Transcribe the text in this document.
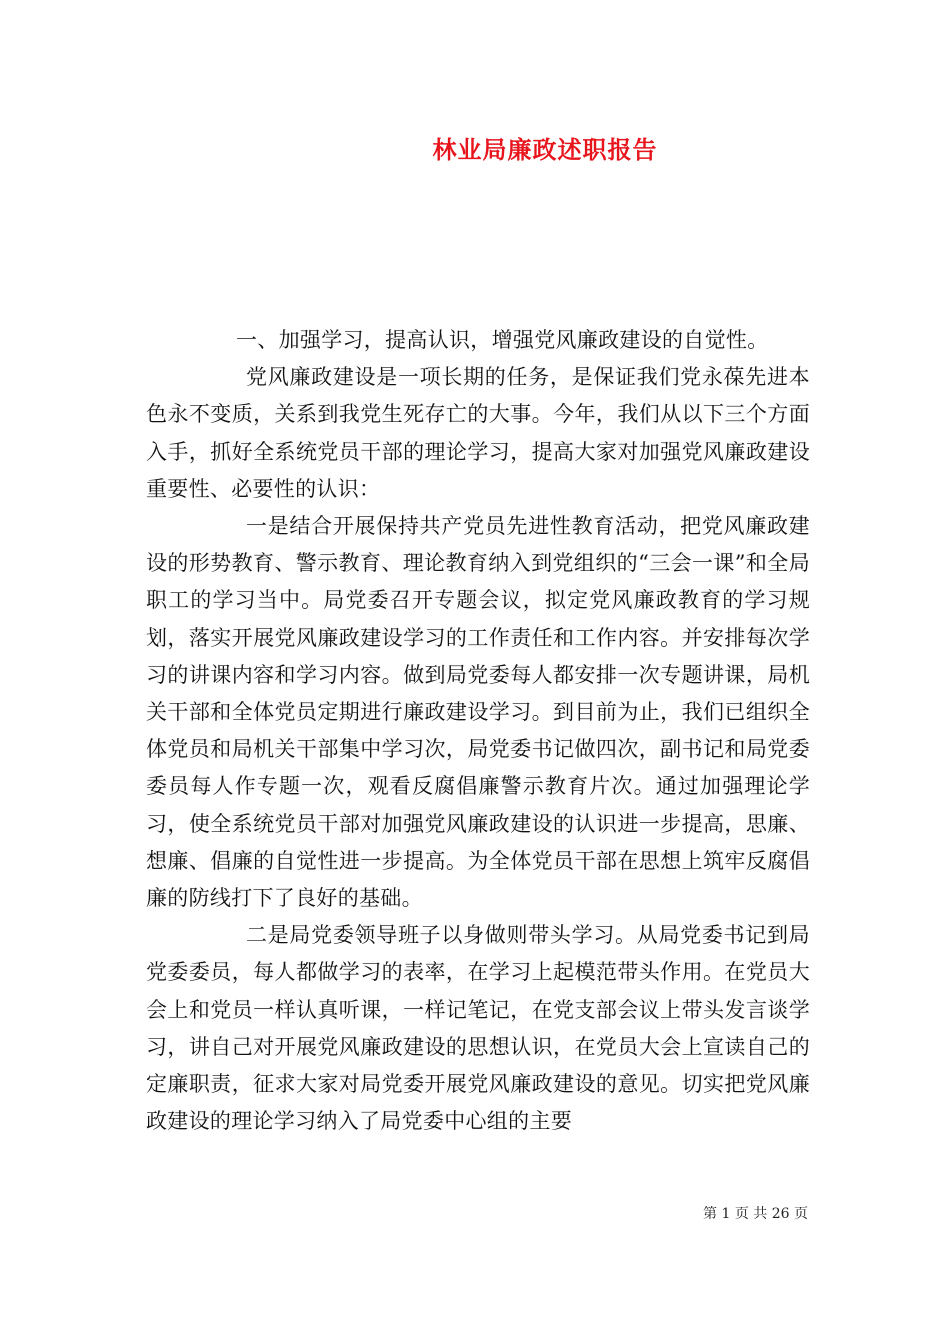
林业局廉政述职报告

一、加强学习，提高认识，增强党风廉政建设的自觉性。

党风廉政建设是一项长期的任务，是保证我们党永葆先进本色永不变质，关系到我党生死存亡的大事。今年，我们从以下三个方面入手，抓好全系统党员干部的理论学习，提高大家对加强党风廉政建设重要性、必要性的认识：

一是结合开展保持共产党员先进性教育活动，把党风廉政建设的形势教育、警示教育、理论教育纳入到党组织的“三会一课”和全局职工的学习当中。局党委召开专题会议，拟定党风廉政教育的学习规划，落实开展党风廉政建设学习的工作责任和工作内容。并安排每次学习的讲课内容和学习内容。做到局党委每人都安排一次专题讲课，局机关干部和全体党员定期进行廉政建设学习。到目前为止，我们已组织全体党员和局机关干部集中学习次，局党委书记做四次，副书记和局党委委员每人作专题一次，观看反腐倡廉警示教育片次。通过加强理论学习，使全系统党员干部对加强党风廉政建设的认识进一步提高，思廉、想廉、倡廉的自觉性进一步提高。为全体党员干部在思想上筑牢反腐倡廉的防线打下了良好的基础。

二是局党委领导班子以身做则带头学习。从局党委书记到局党委委员，每人都做学习的表率，在学习上起模范带头作用。在党员大会上和党员一样认真听课，一样记笔记，在党支部会议上带头发言谈学习，讲自己对开展党风廉政建设的思想认识，在党员大会上宣读自己的定廉职责，征求大家对局党委开展党风廉政建设的意见。切实把党风廉政建设的理论学习纳入了局党委中心组的主要

第 1 页 共 26 页
